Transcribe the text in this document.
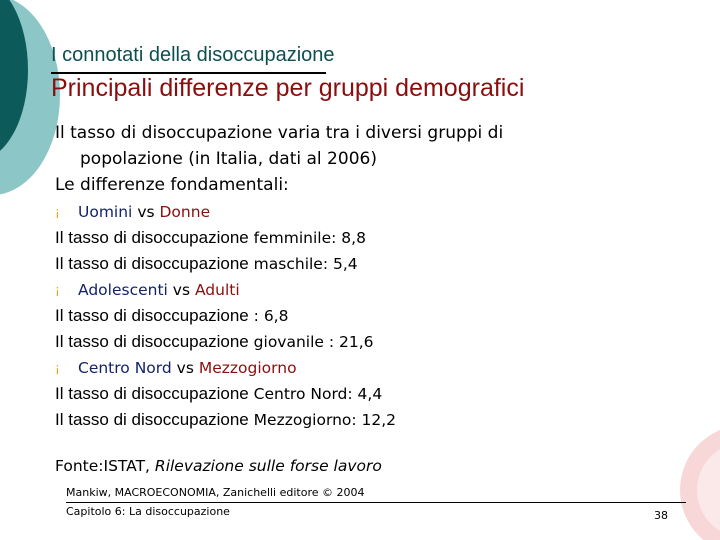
I connotati della disoccupazione
Principali differenze per gruppi demografici
Il tasso di disoccupazione varia tra i diversi gruppi di
popolazione (in Italia, dati al 2006)
Le differenze fondamentali:
¡ Uomini vs Donne
Il tasso di disoccupazione femminile: 8,8
Il tasso di disoccupazione maschile: 5,4
¡ Adolescenti vs Adulti
Il tasso di disoccupazione : 6,8
Il tasso di disoccupazione giovanile : 21,6
¡ Centro Nord vs Mezzogiorno
Il tasso di disoccupazione Centro Nord: 4,4
Il tasso di disoccupazione Mezzogiorno: 12,2
Fonte:ISTAT, Rilevazione sulle forse lavoro
Mankiw, MACROECONOMIA, Zanichelli editore © 2004
Capitolo 6: La disoccupazione	38
